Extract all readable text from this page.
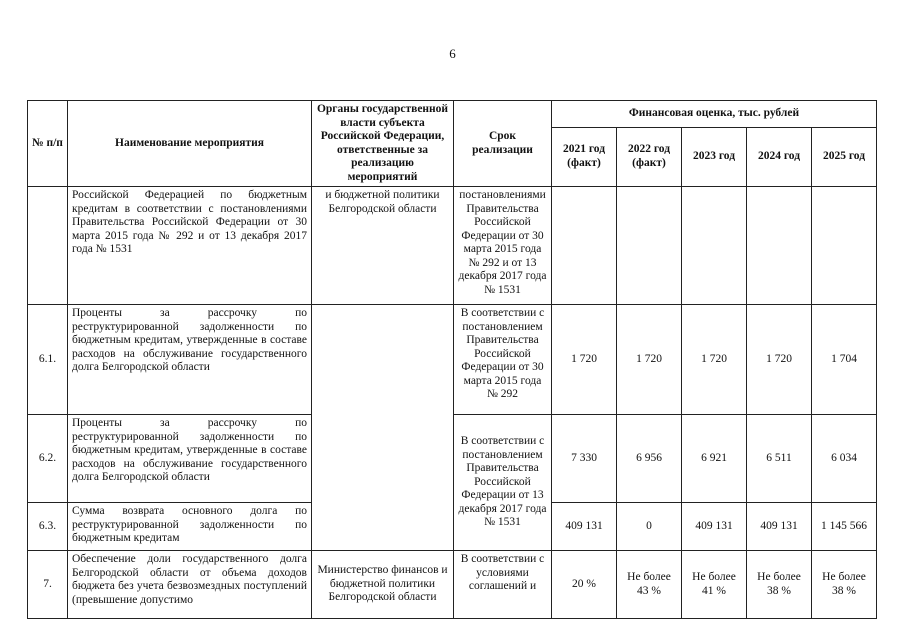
6
№ п/п	Наименование мероприятия	Органы государственной власти субъекта Российской Федерации, ответственные за реализацию мероприятий	Срок реализации	Финансовая оценка, тыс. рублей				
				2021 год (факт)	2022 год (факт)	2023 год	2024 год	2025 год
	Российской Федерацией по бюджетным кредитам в соответствии с постановлениями Правительства Российской Федерации от 30 марта 2015 года № 292 и от 13 декабря 2017 года № 1531	и бюджетной политики Белгородской области	постановлениями Правительства Российской Федерации от 30 марта 2015 года № 292 и от 13 декабря 2017 года № 1531					
6.1.	Проценты за рассрочку по реструктурированной задолженности по бюджетным кредитам, утвержденные в составе расходов на обслуживание государственного долга Белгородской области		В соответствии с постановлением Правительства Российской Федерации от 30 марта 2015 года № 292	1 720	1 720	1 720	1 720	1 704
6.2.	Проценты за рассрочку по реструктурированной задолженности по бюджетным кредитам, утвержденные в составе расходов на обслуживание государственного долга Белгородской области		В соответствии с постановлением Правительства Российской Федерации от 13 декабря 2017 года № 1531	7 330	6 956	6 921	6 511	6 034
6.3.	Сумма возврата основного долга по реструктурированной задолженности по бюджетным кредитам			409 131	0	409 131	409 131	1 145 566
7.	Обеспечение доли государственного долга Белгородской области от объема доходов бюджета без учета безвозмездных поступлений (превышение допустимо	Министерство финансов и бюджетной политики Белгородской области	В соответствии с условиями соглашений и	20 %	Не более 43 %	Не более 41 %	Не более 38 %	Не более 38 %
